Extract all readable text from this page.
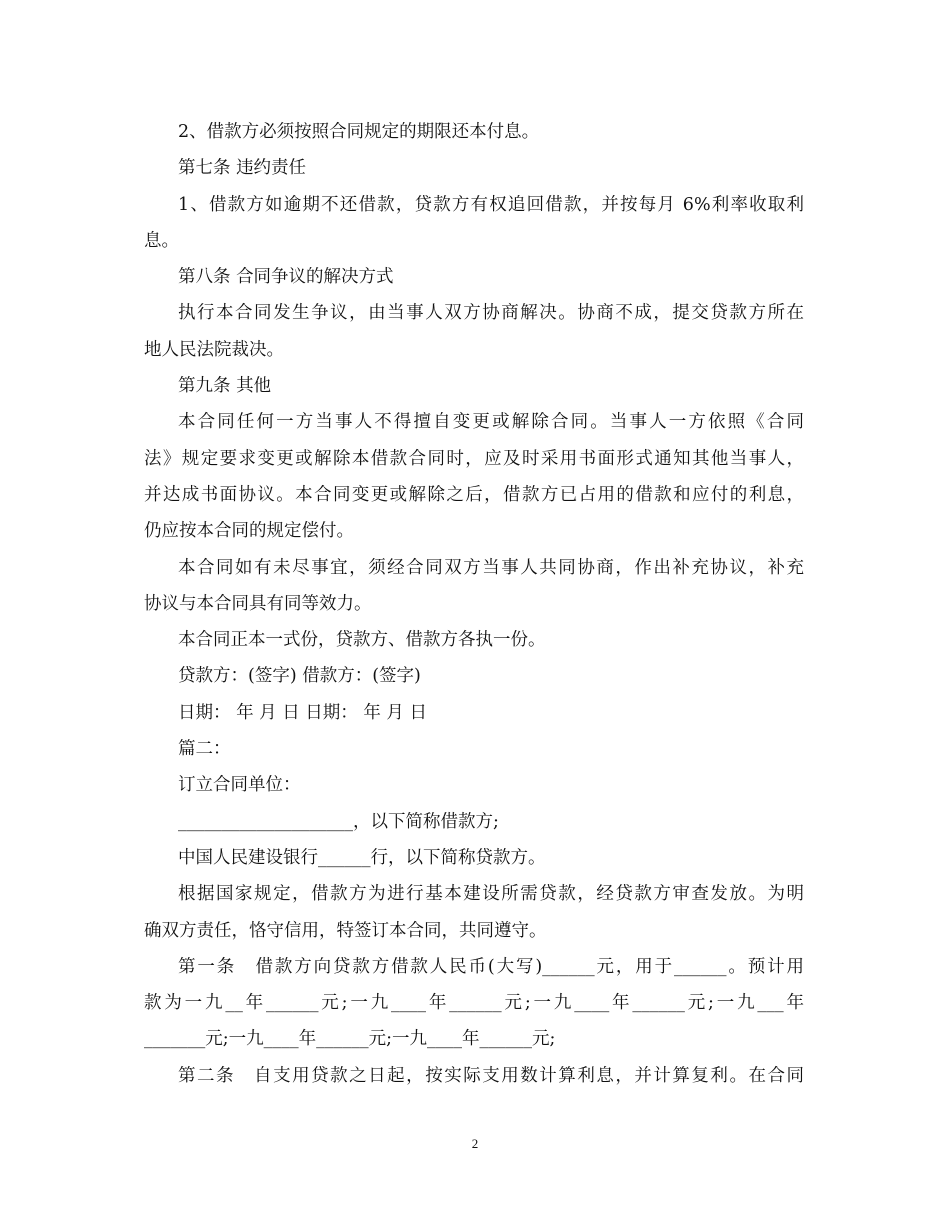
2、借款方必须按照合同规定的期限还本付息。
第七条 违约责任
1、借款方如逾期不还借款，贷款方有权追回借款，并按每月 6%利率收取利
息。
第八条 合同争议的解决方式
执行本合同发生争议，由当事人双方协商解决。协商不成，提交贷款方所在
地人民法院裁决。
第九条 其他
本合同任何一方当事人不得擅自变更或解除合同。当事人一方依照《合同
法》规定要求变更或解除本借款合同时，应及时采用书面形式通知其他当事人，
并达成书面协议。本合同变更或解除之后，借款方已占用的借款和应付的利息，
仍应按本合同的规定偿付。
本合同如有未尽事宜，须经合同双方当事人共同协商，作出补充协议，补充
协议与本合同具有同等效力。
本合同正本一式份，贷款方、借款方各执一份。
贷款方：(签字) 借款方：(签字)
日期： 年 月 日 日期： 年 月 日
篇二：
订立合同单位：
____________________，以下简称借款方;
中国人民建设银行______行，以下简称贷款方。
根据国家规定，借款方为进行基本建设所需贷款，经贷款方审查发放。为明
确双方责任，恪守信用，特签订本合同，共同遵守。
第一条　借款方向贷款方借款人民币(大写)______元，用于______。预计用
款为一九__年______元;一九____年______元;一九____年______元;一九___年
_______元;一九____年______元;一九____年______元;
第二条　自支用贷款之日起，按实际支用数计算利息，并计算复利。在合同
2
